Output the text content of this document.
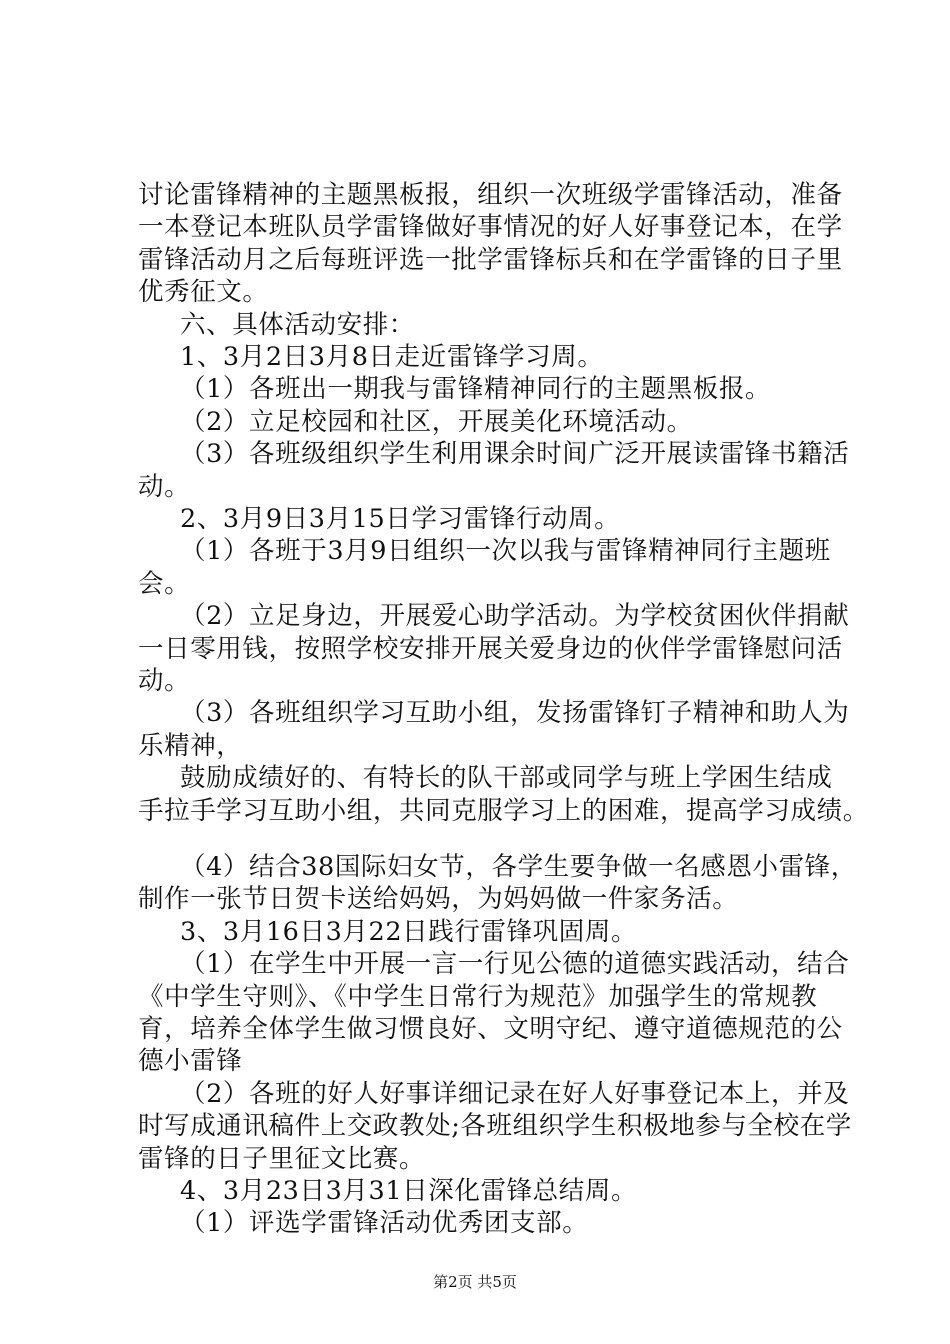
讨论雷锋精神的主题黑板报，组织一次班级学雷锋活动，准备
一本登记本班队员学雷锋做好事情况的好人好事登记本，在学
雷锋活动月之后每班评选一批学雷锋标兵和在学雷锋的日子里
优秀征文。
六、具体活动安排：
1、3月2日3月8日走近雷锋学习周。
（1）各班出一期我与雷锋精神同行的主题黑板报。
（2）立足校园和社区，开展美化环境活动。
（3）各班级组织学生利用课余时间广泛开展读雷锋书籍活
动。
2、3月9日3月15日学习雷锋行动周。
（1）各班于3月9日组织一次以我与雷锋精神同行主题班
会。
（2）立足身边，开展爱心助学活动。为学校贫困伙伴捐献
一日零用钱，按照学校安排开展关爱身边的伙伴学雷锋慰问活
动。
（3）各班组织学习互助小组，发扬雷锋钉子精神和助人为
乐精神，
鼓励成绩好的、有特长的队干部或同学与班上学困生结成
手拉手学习互助小组，共同克服学习上的困难，提高学习成绩。
（4）结合38国际妇女节，各学生要争做一名感恩小雷锋，
制作一张节日贺卡送给妈妈，为妈妈做一件家务活。
3、3月16日3月22日践行雷锋巩固周。
（1）在学生中开展一言一行见公德的道德实践活动，结合
《中学生守则》、《中学生日常行为规范》加强学生的常规教
育，培养全体学生做习惯良好、文明守纪、遵守道德规范的公
德小雷锋
（2）各班的好人好事详细记录在好人好事登记本上，并及
时写成通讯稿件上交政教处;各班组织学生积极地参与全校在学
雷锋的日子里征文比赛。
4、3月23日3月31日深化雷锋总结周。
（1）评选学雷锋活动优秀团支部。
第2页 共5页
